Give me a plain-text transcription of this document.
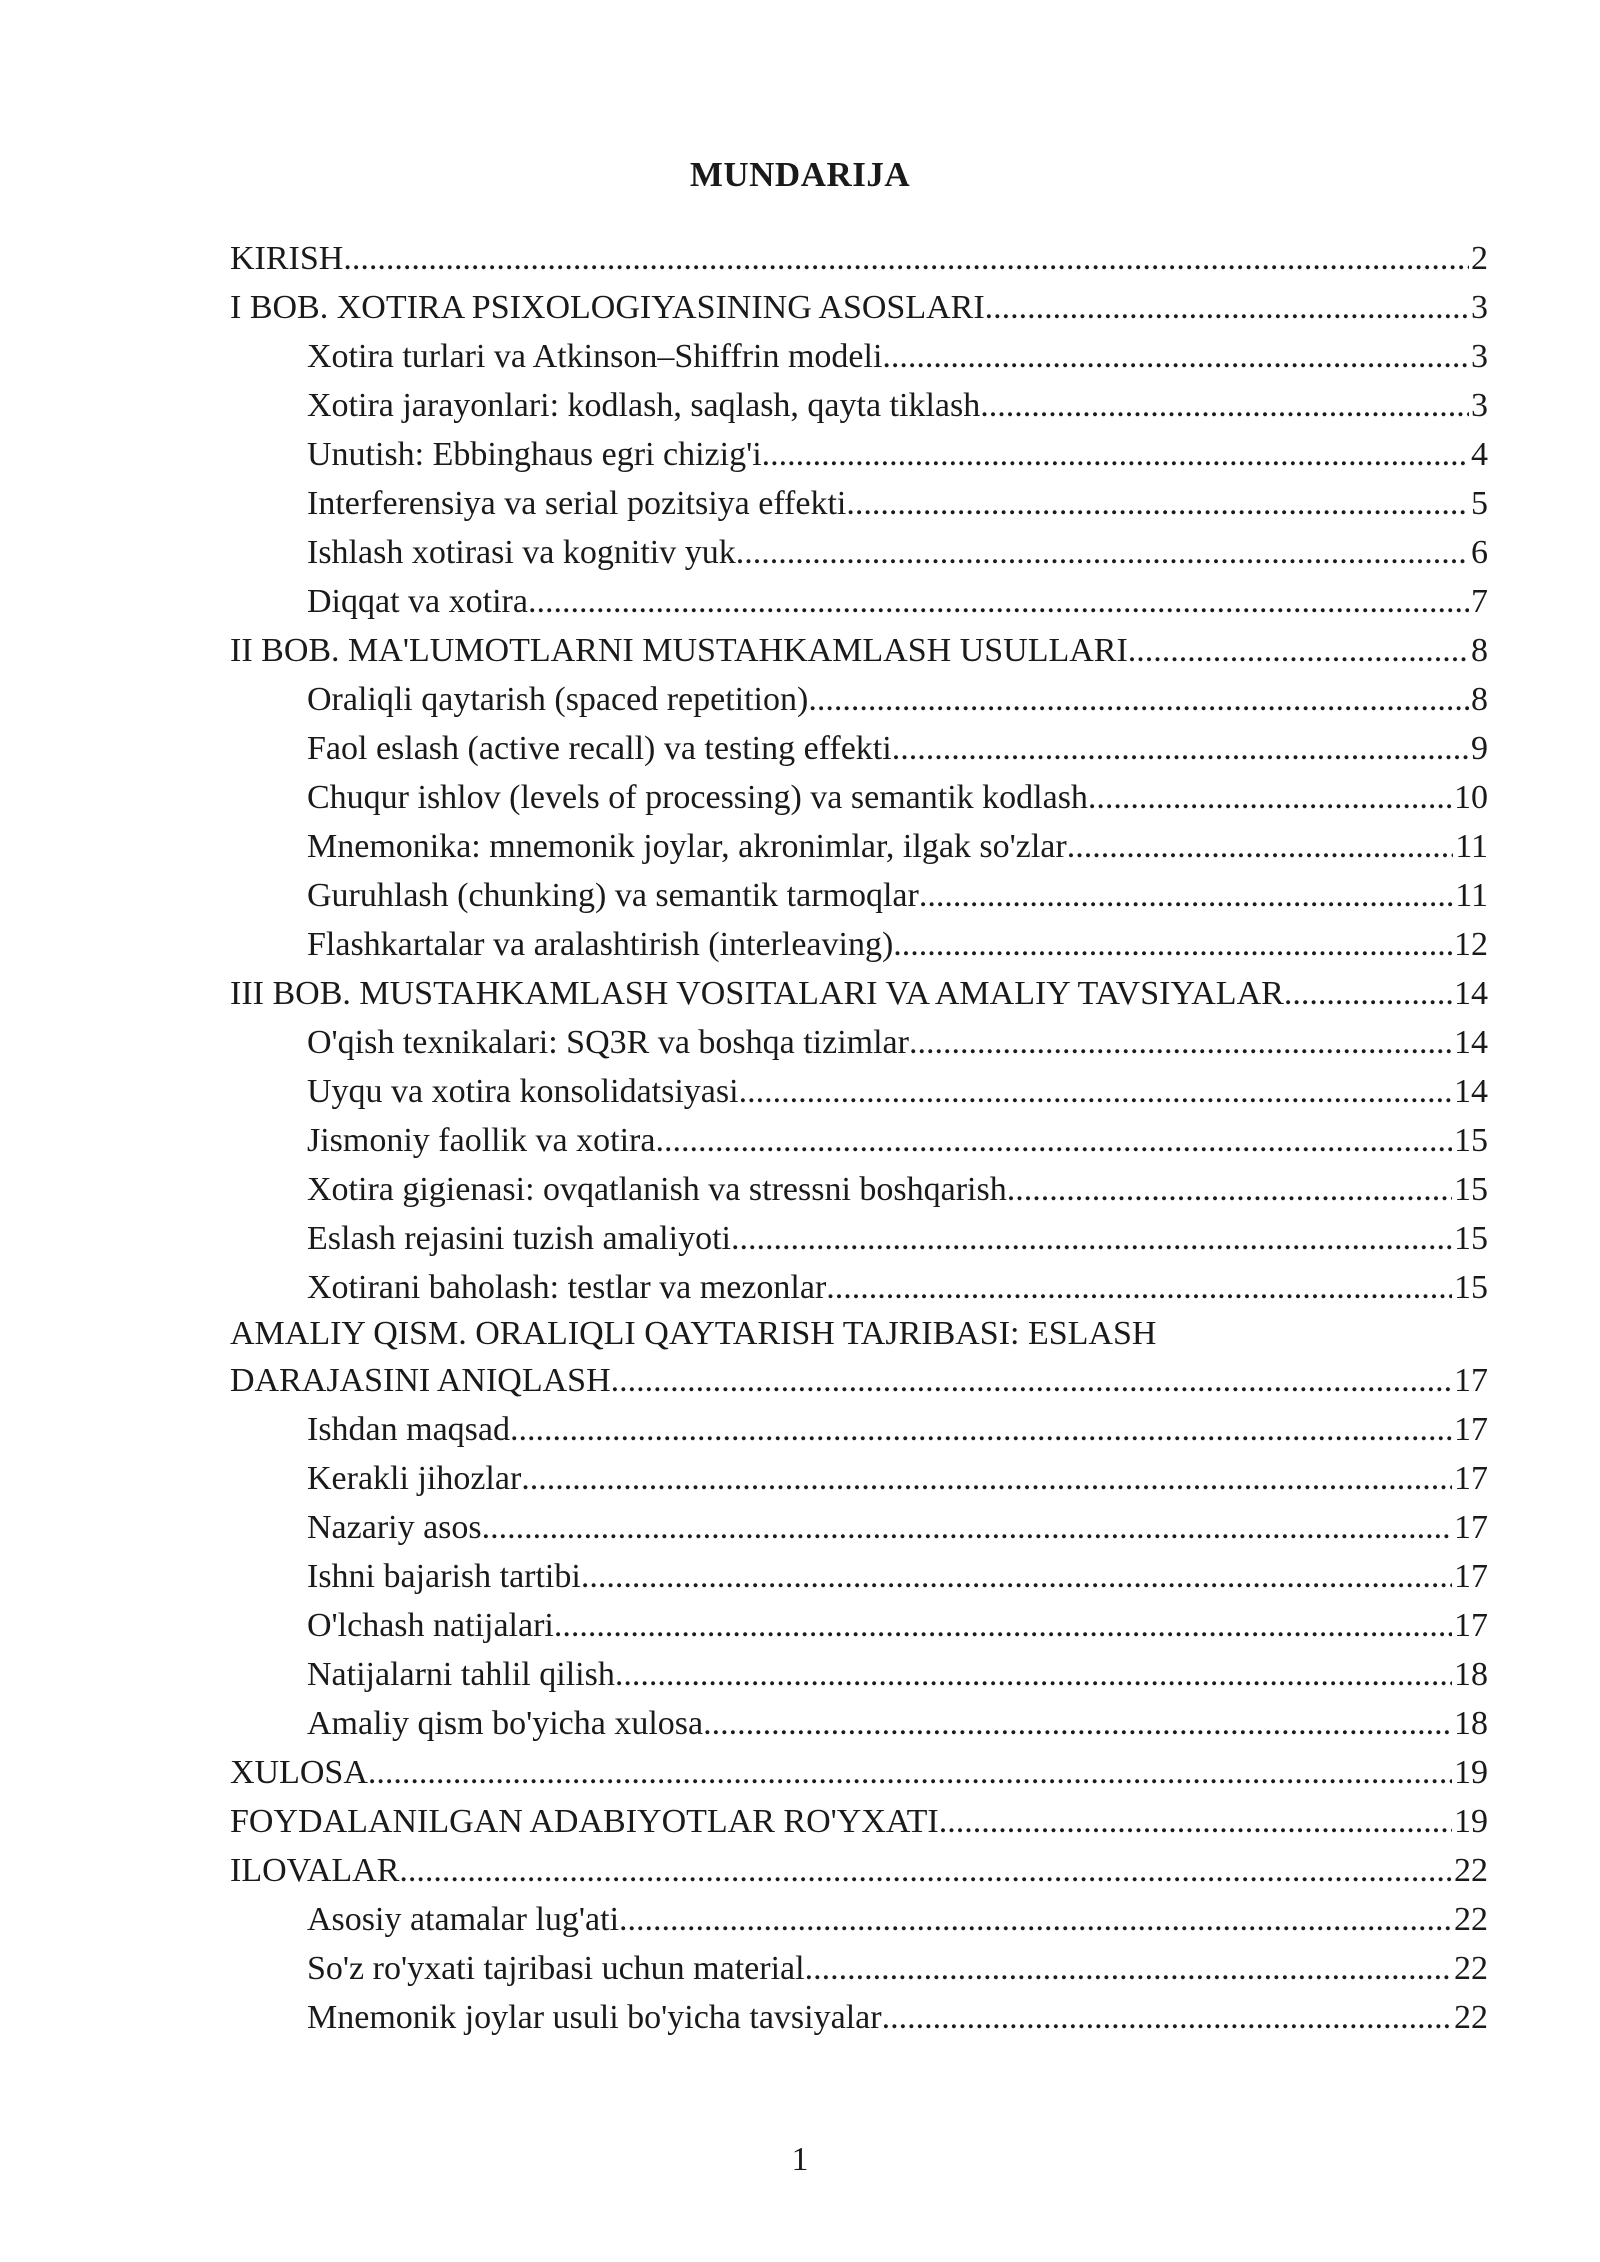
MUNDARIJA
KIRISH .....	2
I BOB. XOTIRA PSIXOLOGIYASINING ASOSLARI .....	3
Xotira turlari va Atkinson–Shiffrin modeli .....	3
Xotira jarayonlari: kodlash, saqlash, qayta tiklash .....	3
Unutish: Ebbinghaus egri chizig'i .....	4
Interferensiya va serial pozitsiya effekti .....	5
Ishlash xotirasi va kognitiv yuk .....	6
Diqqat va xotira .....	7
II BOB. MA'LUMOTLARNI MUSTAHKAMLASH USULLARI .....	8
Oraliqli qaytarish (spaced repetition) .....	8
Faol eslash (active recall) va testing effekti .....	9
Chuqur ishlov (levels of processing) va semantik kodlash .....	10
Mnemonika: mnemonik joylar, akronimlar, ilgak so'zlar .....	11
Guruhlash (chunking) va semantik tarmoqlar .....	11
Flashkartalar va aralashtirish (interleaving) .....	12
III BOB. MUSTAHKAMLASH VOSITALARI VA AMALIY TAVSIYALAR .....	14
O'qish texnikalari: SQ3R va boshqa tizimlar .....	14
Uyqu va xotira konsolidatsiyasi .....	14
Jismoniy faollik va xotira .....	15
Xotira gigienasi: ovqatlanish va stressni boshqarish .....	15
Eslash rejasini tuzish amaliyoti .....	15
Xotirani baholash: testlar va mezonlar .....	15
AMALIY QISM. ORALIQLI QAYTARISH TAJRIBASI: ESLASH
DARAJASINI ANIQLASH .....	17
Ishdan maqsad .....	17
Kerakli jihozlar .....	17
Nazariy asos .....	17
Ishni bajarish tartibi .....	17
O'lchash natijalari .....	17
Natijalarni tahlil qilish .....	18
Amaliy qism bo'yicha xulosa .....	18
XULOSA .....	19
FOYDALANILGAN ADABIYOTLAR RO'YXATI .....	19
ILOVALAR .....	22
Asosiy atamalar lug'ati .....	22
So'z ro'yxati tajribasi uchun material .....	22
Mnemonik joylar usuli bo'yicha tavsiyalar .....	22
1
